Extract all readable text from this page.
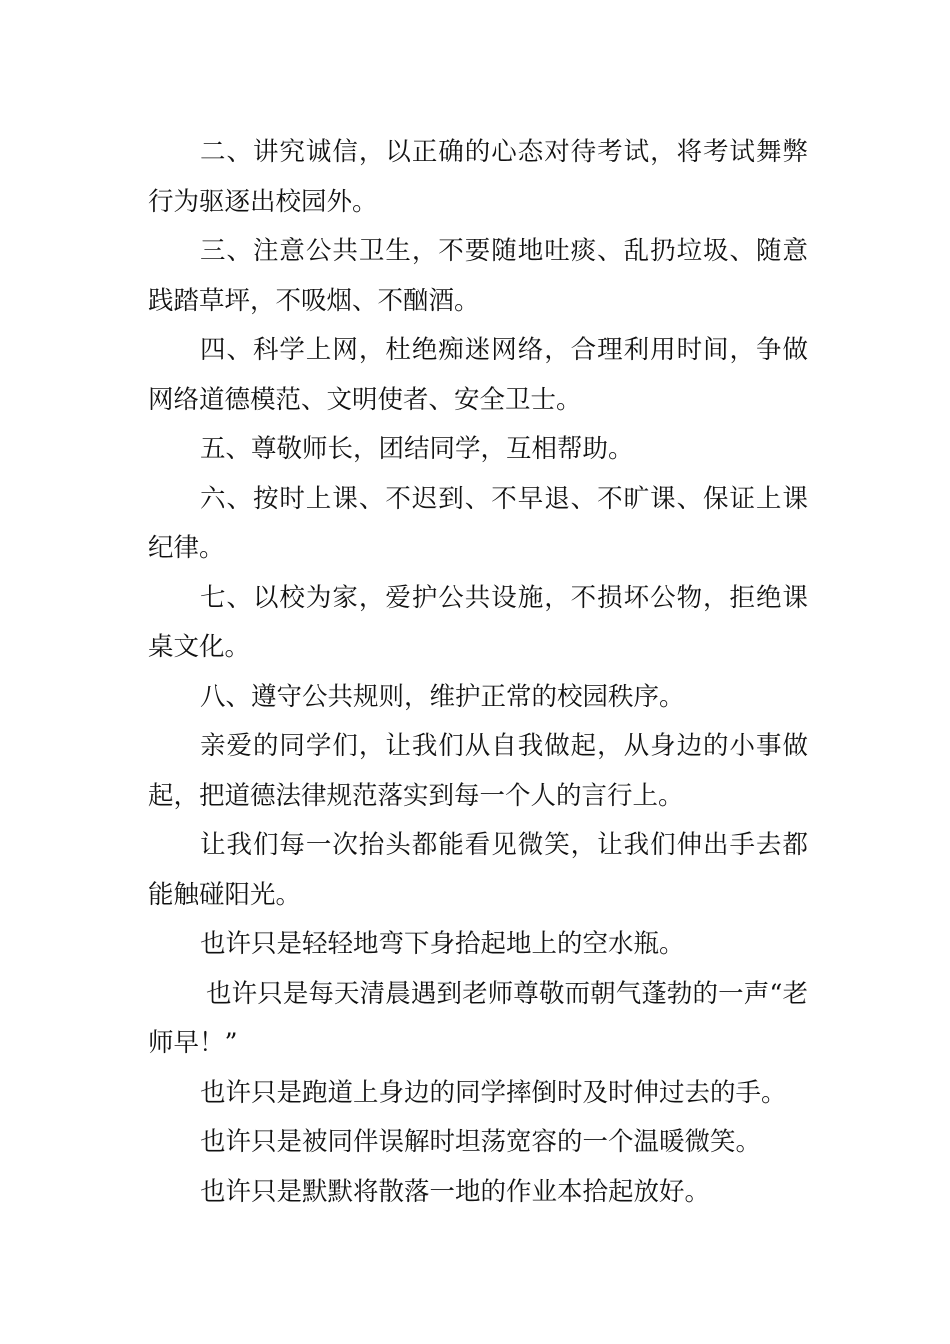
二、讲究诚信，以正确的心态对待考试，将考试舞弊行为驱逐出校园外。

三、注意公共卫生，不要随地吐痰、乱扔垃圾、随意践踏草坪，不吸烟、不酗酒。

四、科学上网，杜绝痴迷网络，合理利用时间，争做网络道德模范、文明使者、安全卫士。

五、尊敬师长，团结同学，互相帮助。

六、按时上课、不迟到、不早退、不旷课、保证上课纪律。

七、以校为家，爱护公共设施，不损坏公物，拒绝课桌文化。

八、遵守公共规则，维护正常的校园秩序。

亲爱的同学们，让我们从自我做起，从身边的小事做起，把道德法律规范落实到每一个人的言行上。

让我们每一次抬头都能看见微笑，让我们伸出手去都能触碰阳光。

也许只是轻轻地弯下身拾起地上的空水瓶。

也许只是每天清晨遇到老师尊敬而朝气蓬勃的一声“老师早！”

也许只是跑道上身边的同学摔倒时及时伸过去的手。

也许只是被同伴误解时坦荡宽容的一个温暖微笑。

也许只是默默将散落一地的作业本拾起放好。
